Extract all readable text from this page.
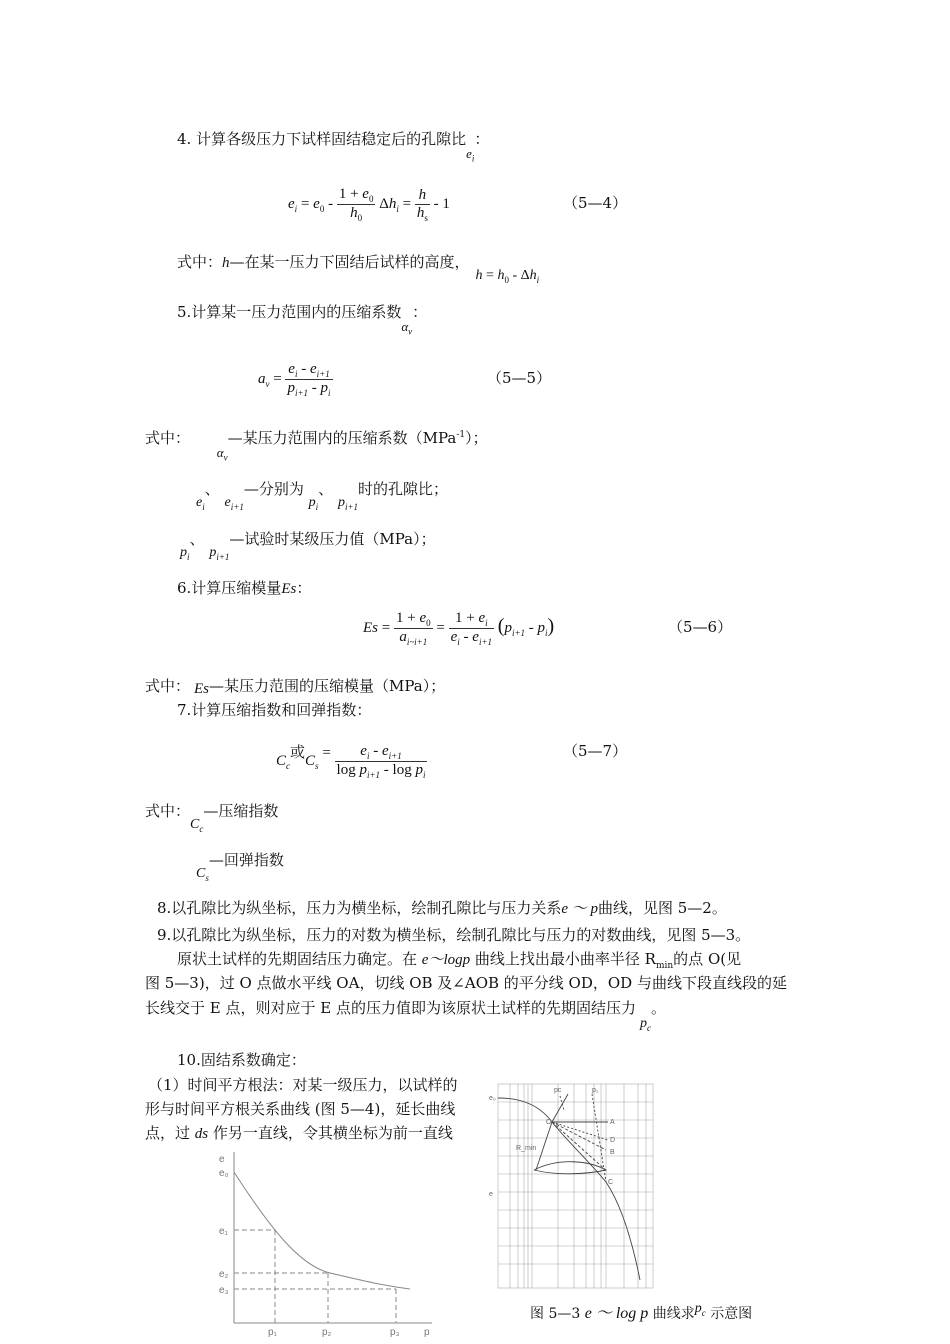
4. 计算各级压力下试样固结稳定后的孔隙比$e_i$：
$e_i = e_0 - \frac{1 + e_0}{h_0} \Delta h_i = \frac{h}{h_s} - 1$	（5—4）
式中：h—在某一压力下固结后试样的高度，$h = h_0 - \Delta h_i$
5.计算某一压力范围内的压缩系数$\alpha_v$：
$a_v = \frac{e_i - e_{i+1}}{p_{i+1} - p_i}$	（5—5）
式中： $\alpha_v—$某压力范围内的压缩系数（MPa$^{-1}$）；
$e_i$、 $e_{i+1}—$分别为 $p_i$、 $p_{i+1}$时的孔隙比；
$p_i$、 $p_{i+1}—$试验时某级压力值（MPa）；
6.计算压缩模量Es：
$Es = \frac{1 + e_0}{a_{i\sim i+1}} = \frac{1 + e_i}{e_i - e_{i+1}} (p_{i+1} - p_i)$	（5—6）
式中： Es—某压力范围的压缩模量（MPa）；
7.计算压缩指数和回弹指数：
$C_c$或$C_s = \frac{e_i - e_{i+1}}{\log p_{i+1} - \log p_i}$	（5—7）
式中：$C_c—$压缩指数
$C_s—$回弹指数
8.以孔隙比为纵坐标，压力为横坐标，绘制孔隙比与压力关系e ～ p曲线，见图 5—2。
9.以孔隙比为纵坐标，压力的对数为横坐标，绘制孔隙比与压力的对数曲线，见图 5—3。
原状土试样的先期固结压力确定。在 e～logp 曲线上找出最小曲率半径 $R_{min}$的点 O(见
图 5—3)，过 O 点做水平线 OA，切线 OB 及∠AOB 的平分线 OD，OD 与曲线下段直线段的延
长线交于 E 点，则对应于 E 点的压力值即为该原状土试样的先期固结压力$p_c$。
10.固结系数确定：
（1）时间平方根法：对某一级压力，以试样的
形与时间平方根关系曲线 (图 5—4)，延长曲线
点，过 ds 作另一直线，令其横坐标为前一直线
e
e₀
e₁
e₂
e₃
p₁	p₂	p₃ p
e₀
e
O	A
D
B
C
R_min
pc	p₁
图 5—3 e ～ log p 曲线求$p_c$ 示意图
